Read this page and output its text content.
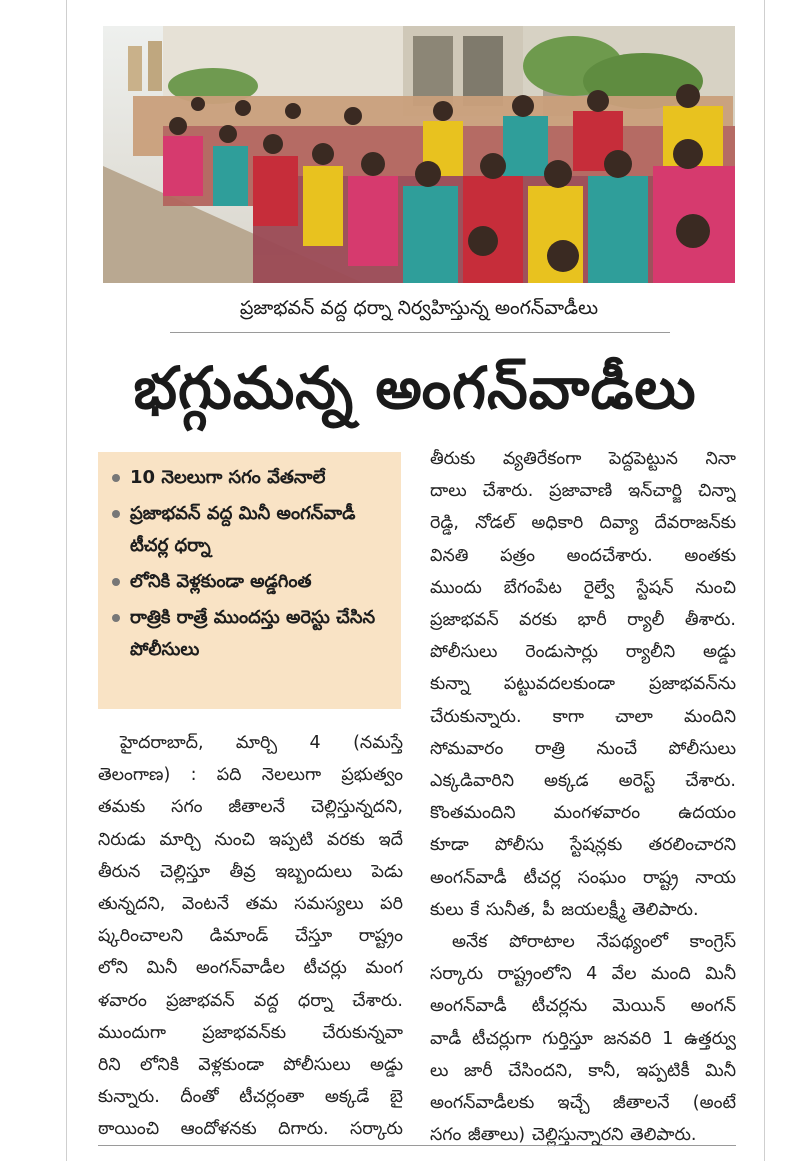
ప్రజాభవన్ వద్ద ధర్నా నిర్వహిస్తున్న అంగన్‌వాడీలు
భగ్గుమన్న అంగన్‌వాడీలు
10 నెలలుగా సగం వేతనాలే
ప్రజాభవన్ వద్ద మినీ అంగన్‌వాడీ టీచర్ల ధర్నా
లోనికి వెళ్లకుండా అడ్డగింత
రాత్రికి రాత్రే ముందస్తు అరెస్టు చేసిన పోలీసులు
హైదరాబాద్, మార్చి 4 (నమస్తే
తెలంగాణ) : పది నెలలుగా ప్రభుత్వం
తమకు సగం జీతాలనే చెల్లిస్తున్నదని,
నిరుడు మార్చి నుంచి ఇప్పటి వరకు ఇదే
తీరున చెల్లిస్తూ తీవ్ర ఇబ్బందులు పెడు
తున్నదని, వెంటనే తమ సమస్యలు పరి
ష్కరించాలని డిమాండ్ చేస్తూ రాష్ట్రం
లోని మినీ అంగన్‌వాడీల టీచర్లు మంగ
ళవారం ప్రజాభవన్ వద్ద ధర్నా చేశారు.
ముందుగా ప్రజాభవన్‌కు చేరుకున్నవా
రిని లోనికి వెళ్లకుండా పోలీసులు అడ్డు
కున్నారు. దీంతో టీచర్లంతా అక్కడే బై
ఠాయించి ఆందోళనకు దిగారు. సర్కారు
తీరుకు వ్యతిరేకంగా పెద్దపెట్టున నినా
దాలు చేశారు. ప్రజావాణి ఇన్‌చార్జి చిన్నా
రెడ్డి, నోడల్ అధికారి దివ్యా దేవరాజన్‌కు
వినతి పత్రం అందచేశారు. అంతకు
ముందు బేగంపేట రైల్వే స్టేషన్ నుంచి
ప్రజాభవన్ వరకు భారీ ర్యాలీ తీశారు.
పోలీసులు రెండుసార్లు ర్యాలీని అడ్డు
కున్నా పట్టువదలకుండా ప్రజాభవన్‌ను
చేరుకున్నారు. కాగా చాలా మందిని
సోమవారం రాత్రి నుంచే పోలీసులు
ఎక్కడివారిని అక్కడ అరెస్ట్ చేశారు.
కొంతమందిని మంగళవారం ఉదయం
కూడా పోలీసు స్టేషన్లకు తరలించారని
అంగన్‌వాడీ టీచర్ల సంఘం రాష్ట్ర నాయ
కులు కే సునీత, పీ జయలక్ష్మీ తెలిపారు.
అనేక పోరాటాల నేపథ్యంలో కాంగ్రెస్
సర్కారు రాష్ట్రంలోని 4 వేల మంది మినీ
అంగన్‌వాడీ టీచర్లను మెయిన్ అంగన్
వాడీ టీచర్లుగా గుర్తిస్తూ జనవరి 1 ఉత్తర్వు
లు జారీ చేసిందని, కానీ, ఇప్పటికీ మినీ
అంగన్‌వాడీలకు ఇచ్చే జీతాలనే (అంటే
సగం జీతాలు) చెల్లిస్తున్నారని తెలిపారు.
